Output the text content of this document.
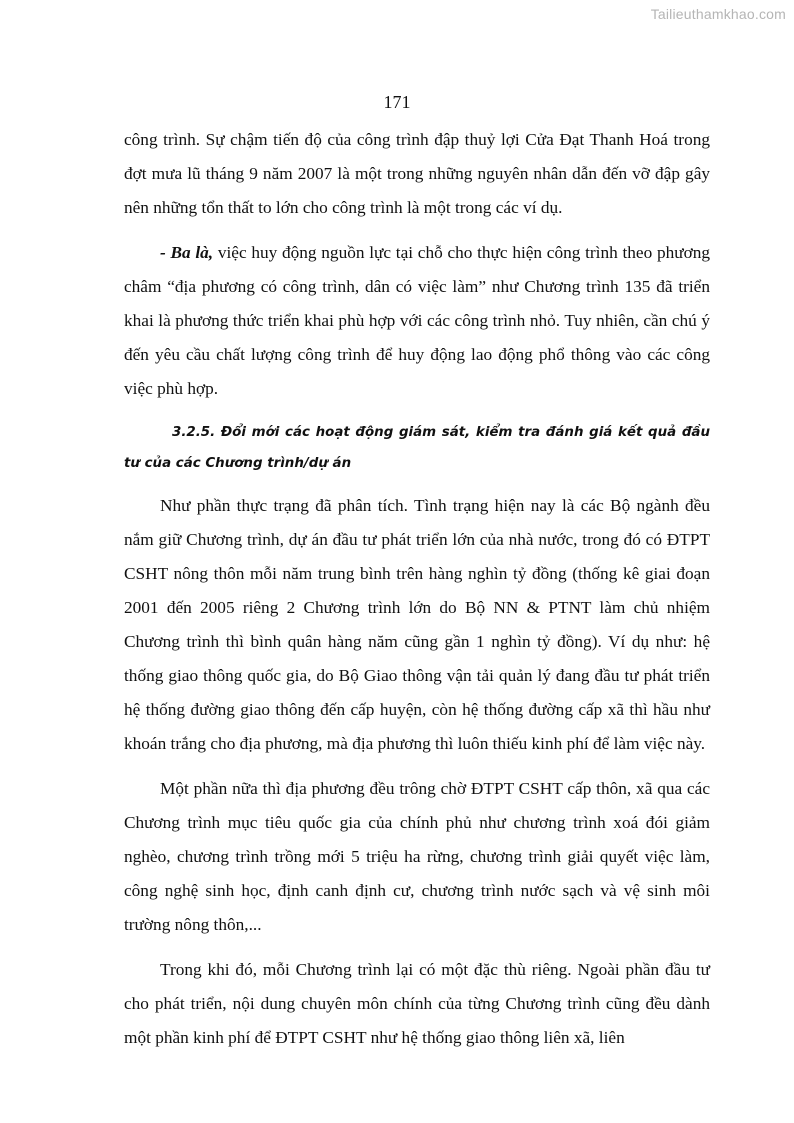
Tailieuthamkhao.com
171

công trình. Sự chậm tiến độ của công trình đập thuỷ lợi Cửa Đạt Thanh Hoá trong đợt mưa lũ tháng 9 năm 2007 là một trong những nguyên nhân dẫn đến vỡ đập gây nên những tổn thất to lớn cho công trình là một trong các ví dụ.

- Ba là, việc huy động nguồn lực tại chỗ cho thực hiện công trình theo phương châm “địa phương có công trình, dân có việc làm” như Chương trình 135 đã triển khai là phương thức triển khai phù hợp với các công trình nhỏ. Tuy nhiên, cần chú ý đến yêu cầu chất lượng công trình để huy động lao động phổ thông vào các công việc phù hợp.

3.2.5. Đổi mới các hoạt động giám sát, kiểm tra đánh giá kết quả đầu tư của các Chương trình/dự án

Như phần thực trạng đã phân tích. Tình trạng hiện nay là các Bộ ngành đều nắm giữ Chương trình, dự án đầu tư phát triển lớn của nhà nước, trong đó có ĐTPT CSHT nông thôn mỗi năm trung bình trên hàng nghìn tỷ đồng (thống kê giai đoạn 2001 đến 2005 riêng 2 Chương trình lớn do Bộ NN & PTNT làm chủ nhiệm Chương trình thì bình quân hàng năm cũng gần 1 nghìn tỷ đồng). Ví dụ như: hệ thống giao thông quốc gia, do Bộ Giao thông vận tải quản lý đang đầu tư phát triển hệ thống đường giao thông đến cấp huyện, còn hệ thống đường cấp xã thì hầu như khoán trắng cho địa phương, mà địa phương thì luôn thiếu kinh phí để làm việc này.

Một phần nữa thì địa phương đều trông chờ ĐTPT CSHT cấp thôn, xã qua các Chương trình mục tiêu quốc gia của chính phủ như chương trình xoá đói giảm nghèo, chương trình trồng mới 5 triệu ha rừng, chương trình giải quyết việc làm, công nghệ sinh học, định canh định cư, chương trình nước sạch và vệ sinh môi trường nông thôn,...

Trong khi đó, mỗi Chương trình lại có một đặc thù riêng. Ngoài phần đầu tư cho phát triển, nội dung chuyên môn chính của từng Chương trình cũng đều dành một phần kinh phí để ĐTPT CSHT như hệ thống giao thông liên xã, liên
